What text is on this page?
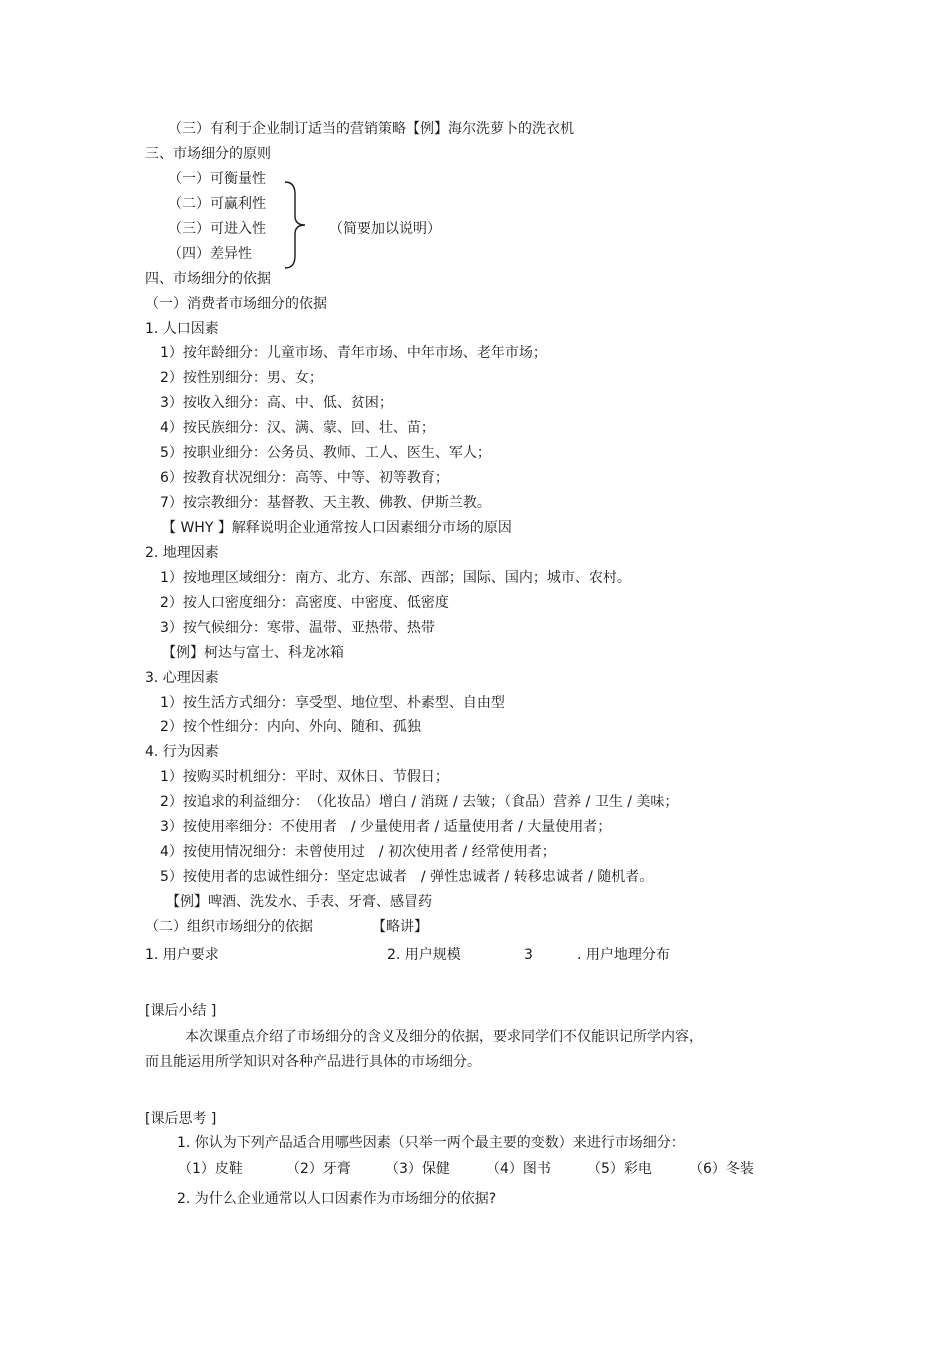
（三）有利于企业制订适当的营销策略【例】海尔洗萝卜的洗衣机
三、市场细分的原则
（一）可衡量性
（二）可赢利性
（三）可进入性
（四）差异性
（简要加以说明）
四、市场细分的依据
（一）消费者市场细分的依据
1. 人口因素
1）按年龄细分：儿童市场、青年市场、中年市场、老年市场；
2）按性别细分：男、女；
3）按收入细分：高、中、低、贫困；
4）按民族细分：汉、满、蒙、回、壮、苗；
5）按职业细分：公务员、教师、工人、医生、军人；
6）按教育状况细分：高等、中等、初等教育；
7）按宗教细分：基督教、天主教、佛教、伊斯兰教。
【 WHY 】解释说明企业通常按人口因素细分市场的原因
2. 地理因素
1）按地理区域细分：南方、北方、东部、西部；国际、国内；城市、农村。
2）按人口密度细分：高密度、中密度、低密度
3）按气候细分：寒带、温带、亚热带、热带
【例】柯达与富士、科龙冰箱
3. 心理因素
1）按生活方式细分：享受型、地位型、朴素型、自由型
2）按个性细分：内向、外向、随和、孤独
4. 行为因素
1）按购买时机细分：平时、双休日、节假日；
2）按追求的利益细分：　（化妆品）增白 / 消斑 / 去皱；（食品）营养 / 卫生 / 美味；
3）按使用率细分：不使用者　/ 少量使用者 / 适量使用者 / 大量使用者；
4）按使用情况细分：未曾使用过　/ 初次使用者 / 经常使用者；
5）按使用者的忠诚性细分：坚定忠诚者　/ 弹性忠诚者 / 转移忠诚者 / 随机者。
【例】啤酒、洗发水、手表、牙膏、感冒药
（二）组织市场细分的依据	【略讲】
1. 用户要求	2. 用户规模	3	. 用户地理分布
[课后小结 ]
本次课重点介绍了市场细分的含义及细分的依据，要求同学们不仅能识记所学内容，
而且能运用所学知识对各种产品进行具体的市场细分。
[课后思考 ]
1. 你认为下列产品适合用哪些因素（只举一两个最主要的变数）来进行市场细分：
（1）皮鞋	（2）牙膏 （3）保健	（4）图书	（5）彩电	（6）冬装
2. 为什么企业通常以人口因素作为市场细分的依据?
